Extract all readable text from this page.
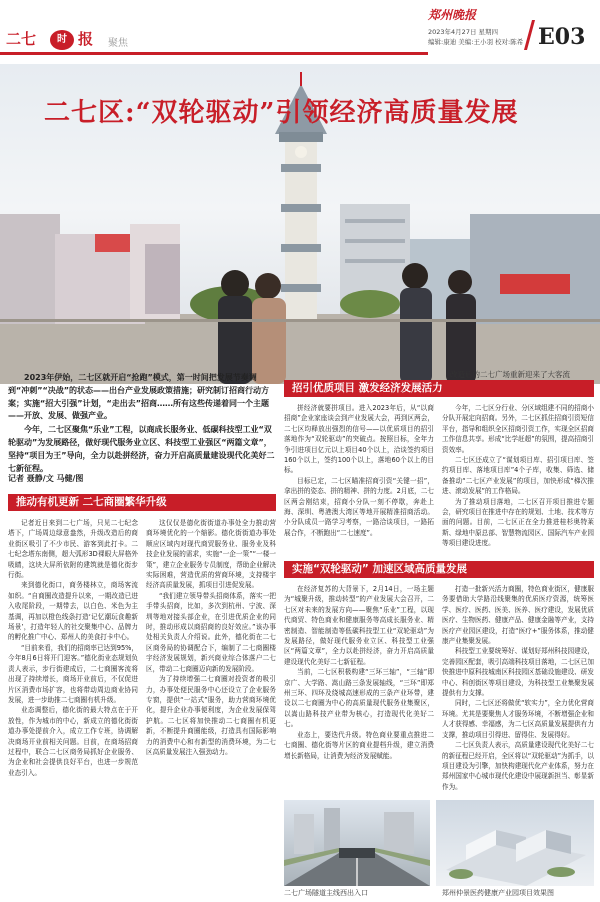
二七	时 报 聚焦
郑州晚报
2023年4月27日 星期四
编辑:康迪 美编:王小羽 校对:陈希 E03
二七区:“双轮驱动”引领经济高质量发展
改造后的二七广场重新迎来了大客流

2023年伊始，二七区就开启“抢跑”模式，第一时间把发展节奏调到“冲刺”“决战”的状态——出台产业发展政策措施；研究制订招商行动方案；实施“招大引强”计划，“走出去”招商……所有这些传递着同一个主题——开放、发展、做强产业。

今年，二七区聚焦“乐业”工程，以商成长服务业、低碳科技型工业“双轮驱动”为发展路径，做好现代服务业立区、科技型工业强区“两篇文章”，坚持“项目为王”导向，全力以赴拼经济，奋力开启高质量建设现代化美好二七新征程。

记者 聂静/文 马健/图
推动有机更新 二七商圈繁华升级

记者近日来到二七广场，只见二七纪念塔下，广场周边绿意盎然，升级改造后的商业街区吸引了不少市民、游客到此打卡。二七纪念塔东南侧，超大弧形3D裸眼大屏格外吸睛，这块大屏所依附的建筑就是德化街步行街。

来到德化街口，商务楼林立，商场客流如织。“自商圈改造提升以来，一期改造已进入收尾阶段，一期带去，以白色、米色为主基调，再加以橙色线条打造‘记忆潮玩食趣新场景’，打造年轻人的社交聚集中心、品牌力的孵化推广中心、郑州人的美食打卡中心。

“目前来看，我们的招商率已达到95%，今年8月6日将开门迎客。”德化街业态规划负责人表示，步行街建成后，二七商圈客流将出现了持续增长，商场开业前后，不仅促进片区消费市场扩容，也将带动周边商业协同发展，进一步助推二七商圈有机升级。

业态调整后，德化街的最大特点在于开放性，作为城市的中心，新成立的德化街街道办事处提前介入，成立工作专班，协调解决商场开业前相关问题。目前，在商场招商过程中，联合二七区商务局抓好企业服务、为企业和社会提供良好平台，也进一步规范业态引入。

这仅仅是德化街街道办事处全力推动营商环境优化的一个缩影。德化街街道办事处顺应区域内对现代商贸服务业、服务业及科技企业发展的需求，实施“一企一策”“一楼一策”，建立企业服务专员制度，帮助企业解决实际困难，营造优质的营商环境，支持楼宇经济高质量发展，抓项目引进促发展。

“我们建立领导带头招商体系，落实一把手带头招商，比如，多次到杭州、宁波、深圳等地对接头部企业，在引进优质企业的同时，推动形成以商招商的良好效应。”该办事处相关负责人介绍说。此外，德化街在二七区商务局的协调配合下，编制了二七商圈楼宇经济发展规划，新兴商业综合体落户二七区，带动二七商圈迈向新的发展阶段。

为了持续增强二七商圈对投资者的吸引力，办事处便民服务中心还设立了企业服务专窗，提供“一站式”服务，助力营商环境优化，提升企业办事便利度，为企业发展保驾护航。二七区将加快推动二七商圈有机更新，不断提升商圈能级，打造具有国际影响力的消费中心和有新型的消费环境，为二七区高质量发展注入强劲动力。

招引优质项目 激发经济发展活力

拼经济就要拼项目。进入2023年后，从“以商招商”企业家座谈会到产业发展大会，再到区两会，二七区均释放出强烈的信号——以优质项目的招引落地作为“双轮驱动”的突破点。按照目标，全年力争引进项目亿元以上项目40个以上，洽谈签约项目160个以上，签约100个以上，落地60个以上的目标。

目标已定，二七区瞄准招商引资“关键一招”，拿出拼的姿态、拼的精神、拼的力度。2月底，二七区两会刚结束，招商小分队一刻不停歇，奔赴上海、深圳、粤港澳大湾区等地开展精准招商活动。小分队成员一路学习考察，一路洽谈项目，一路拓展合作，不断跑出“二七速度”。

今年，二七区分行业、分区域组建不同的招商小分队开展定向招商。另外，二七区抓住招商引资短信平台，指导和组织全区招商引资工作，实现全区招商工作信息共享。形成“比学赶超”的氛围，提高招商引资效率。

二七区还成立了“谋划项目库、招引项目库、签约项目库、落地项目库”4个子库，收集、筛选、储备推动“二七区产业发展”的项目，加快形成“梯次推进、滚动发展”的工作格局。

为了推动项目落地，二七区召开项目推进专题会，研究项目在推进中存在的规划、土地、技术等方面的问题。目前，二七区正在全力推进桂杉奥特莱斯、绿地中原总部、智慧物流园区、国际汽车产业园等项目建设进度。

实施“双轮驱动” 加速区域高质量发展

在经济复苏的大背景下，2月14日，一场主题为“城聚升级，推动转型”的产业发展大会召开，二七区对未来的发展方向——聚焦“乐业”工程，以现代商贸、特色商业和健康服务等高成长服务业、精密制造、智能制造等低碳科技型工业“双轮驱动”为发展路径，做好现代服务业立区、科技型工业强区“两篇文章”，全力以赴拼经济，奋力开启高质量建设现代化美好二七新征程。

当前，二七区积极构建“三环三轴”，“三轴”即京广、大学路、嵩山路三条发展轴线，“三环”即郑州三环、四环及绕城高速形成的三条产业环带，建设以二七商圈为中心的高质量现代服务业集聚区，以嵩山路科技产业带为核心，打造现代化美好二七。

业态上，要迭代升级。特色商业要重点推进二七商圈、德化街等片区的商业提档升级，建立消费增长新格局，让消费为经济发展赋能。

打造一批新兴活力商圈，特色商业街区，健康服务要借助大学路沿线聚集的优质医疗资源，统筹医学、医疗、医药、医美、医养、医疗建设，发展优质医疗、生物医药、健康产品、健康金融等产业，支持医疗产业园区建设，打造“医疗+”服务体系，推动健康产业集聚发展。

科技型工业要统筹好、谋划好郑州科技园建设，完善园区配套，吸引高端科技项目落地，二七区已加快推进中原科技城南区科技园区基础设施建设、研发中心、科创街区等项目建设，为科技型工业集聚发展提供有力支撑。

同时，二七区还将做优“软实力”，全力优化营商环境。尤其是要聚焦人才服务环境，不断增强企业和人才获得感、幸福感，为二七区高质量发展提供有力支撑，推动项目引得进、留得住、发展得好。

二七区负责人表示，高质量建设现代化美好二七的新征程已经开启，全区将以“双轮驱动”为抓手，以项目建设为引擎，加快构建现代化产业体系，努力在郑州国家中心城市现代化建设中展现新担当、彰显新作为。

二七广场隧道主线西出入口	郑州仲景医药健康产业园项目效果图
